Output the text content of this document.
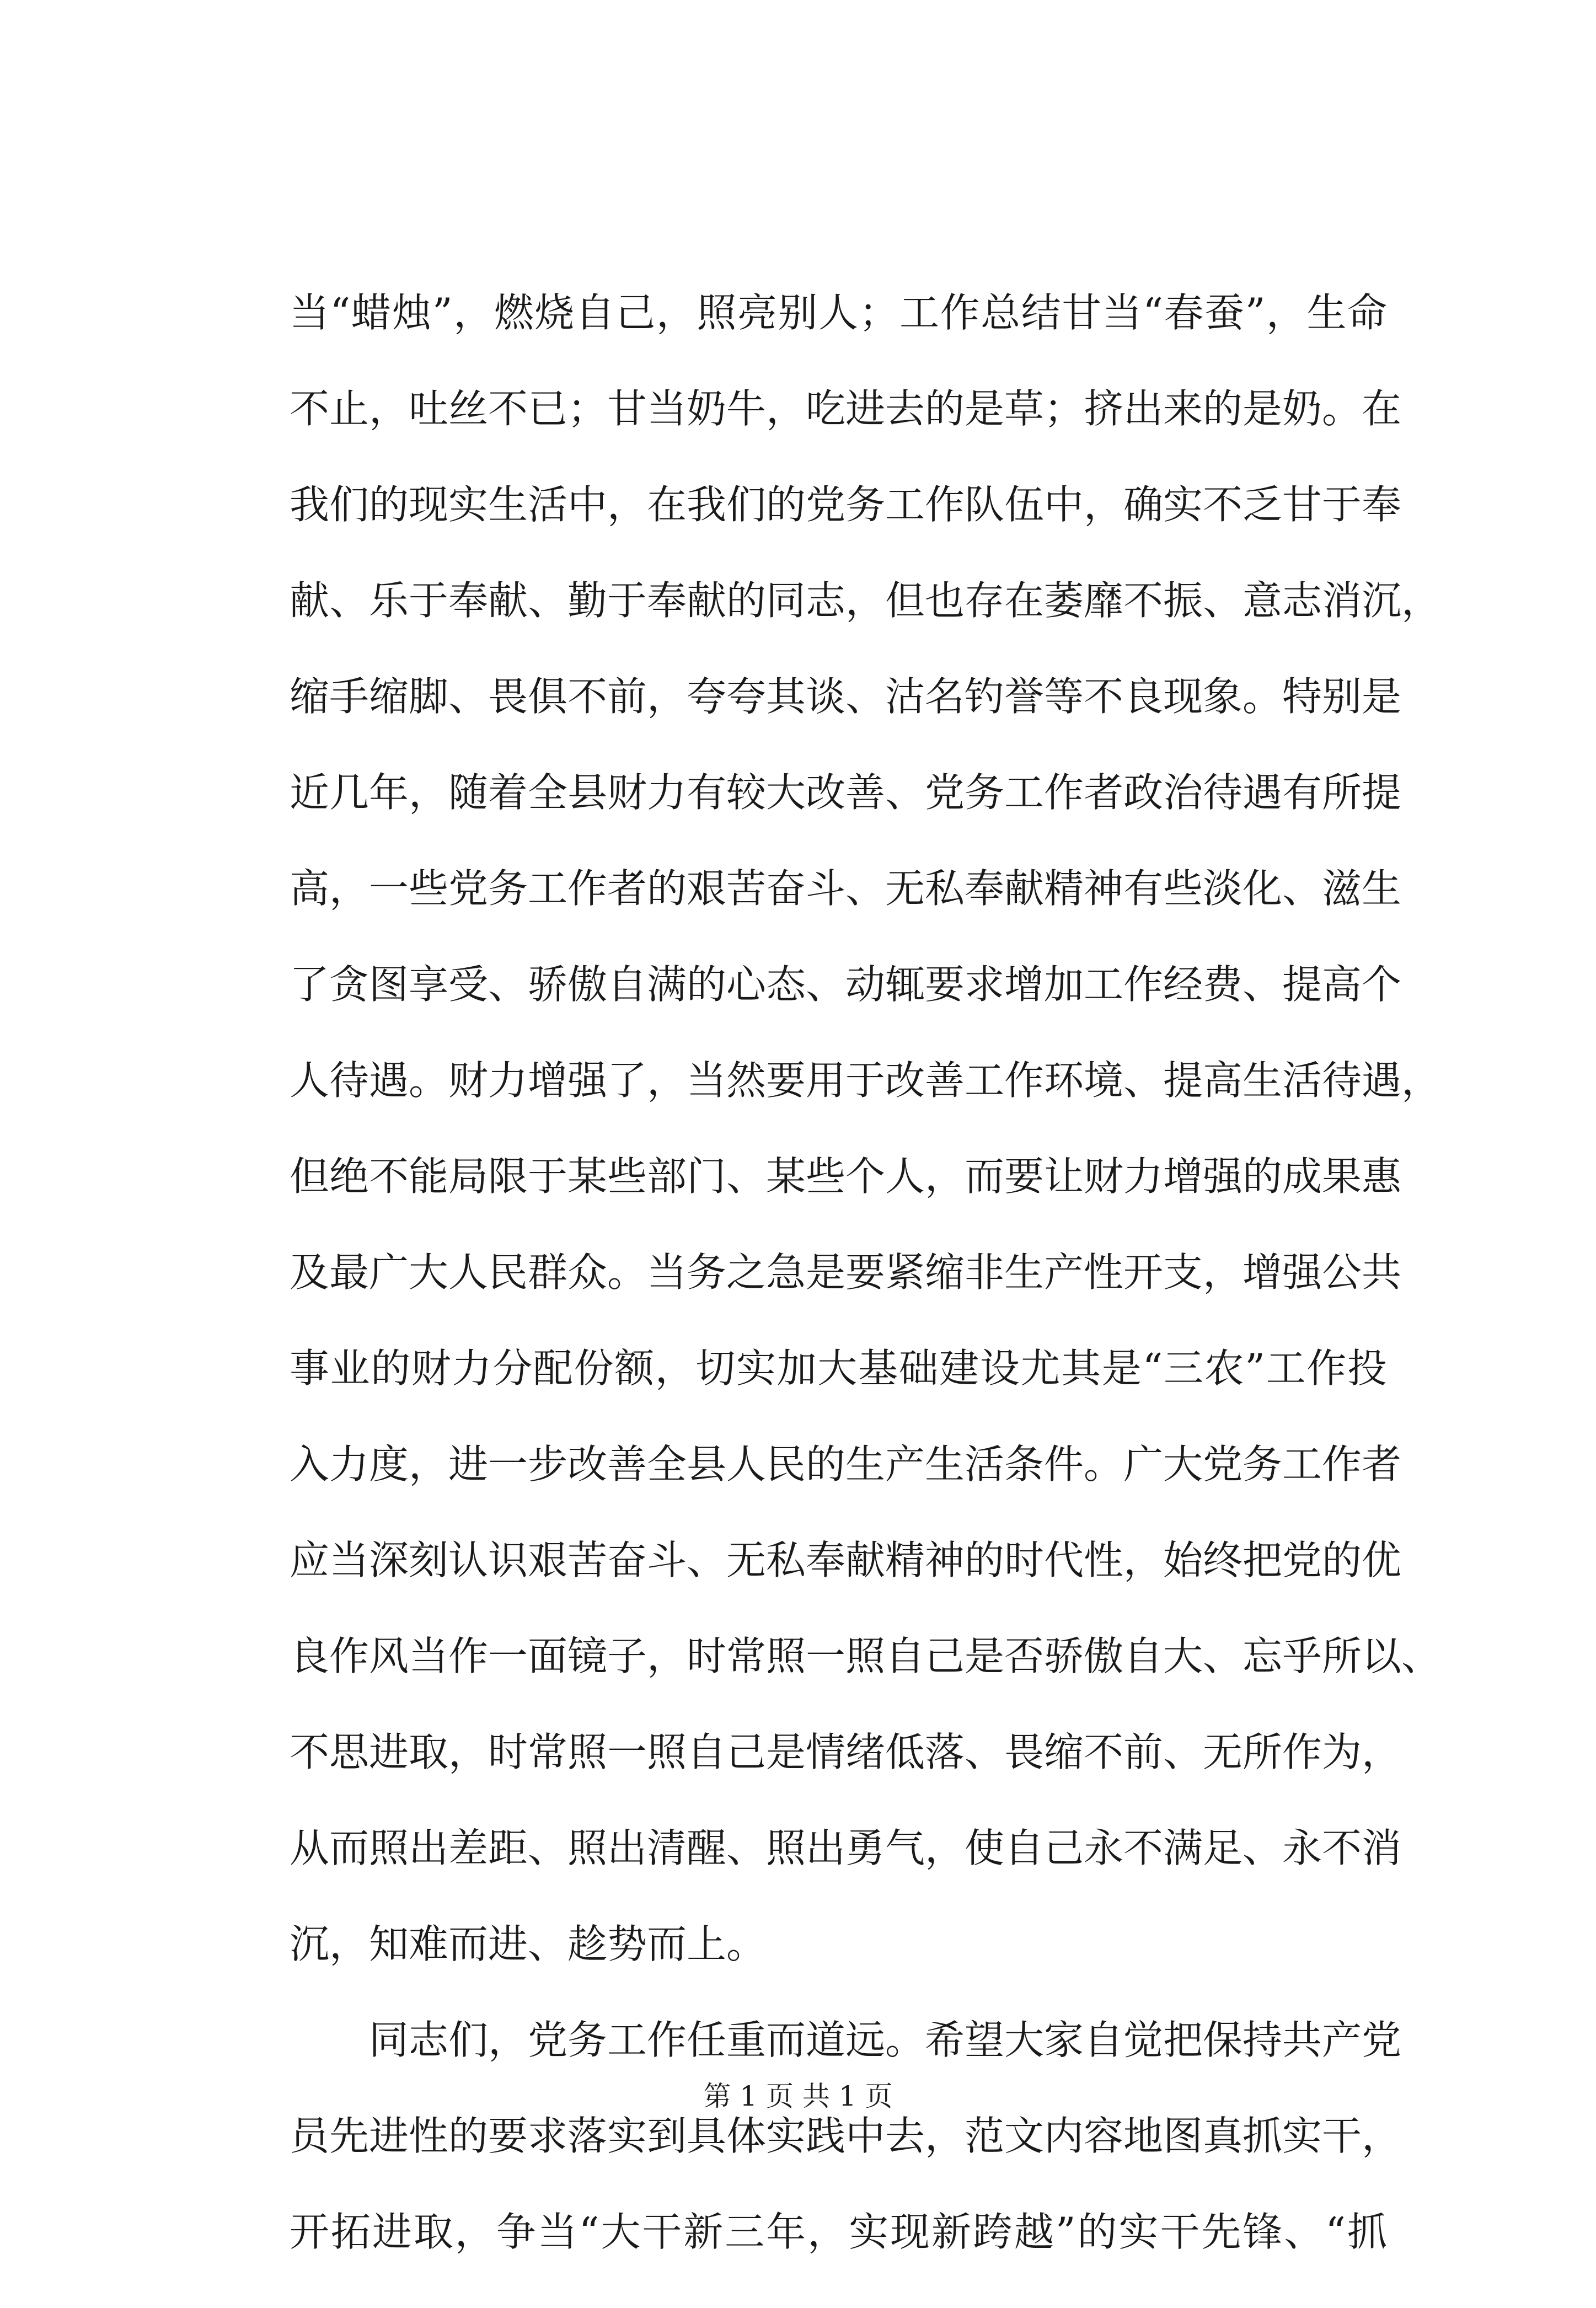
当“蜡烛”，燃烧自己，照亮别人；工作总结甘当“春蚕”，生命
不止，吐丝不已；甘当奶牛，吃进去的是草；挤出来的是奶。在
我们的现实生活中，在我们的党务工作队伍中，确实不乏甘于奉
献、乐于奉献、勤于奉献的同志，但也存在萎靡不振、意志消沉，
缩手缩脚、畏俱不前，夸夸其谈、沽名钓誉等不良现象。特别是
近几年，随着全县财力有较大改善、党务工作者政治待遇有所提
高，一些党务工作者的艰苦奋斗、无私奉献精神有些淡化、滋生
了贪图享受、骄傲自满的心态、动辄要求增加工作经费、提高个
人待遇。财力增强了，当然要用于改善工作环境、提高生活待遇，
但绝不能局限于某些部门、某些个人，而要让财力增强的成果惠
及最广大人民群众。当务之急是要紧缩非生产性开支，增强公共
事业的财力分配份额，切实加大基础建设尤其是“三农”工作投
入力度，进一步改善全县人民的生产生活条件。广大党务工作者
应当深刻认识艰苦奋斗、无私奉献精神的时代性，始终把党的优
良作风当作一面镜子，时常照一照自己是否骄傲自大、忘乎所以、
不思进取，时常照一照自己是情绪低落、畏缩不前、无所作为，
从而照出差距、照出清醒、照出勇气，使自己永不满足、永不消
沉，知难而进、趁势而上。
同志们，党务工作任重而道远。希望大家自觉把保持共产党
员先进性的要求落实到具体实践中去，范文内容地图真抓实干，
开拓进取，争当“大干新三年，实现新跨越”的实干先锋、“抓
第 1 页 共 1 页
